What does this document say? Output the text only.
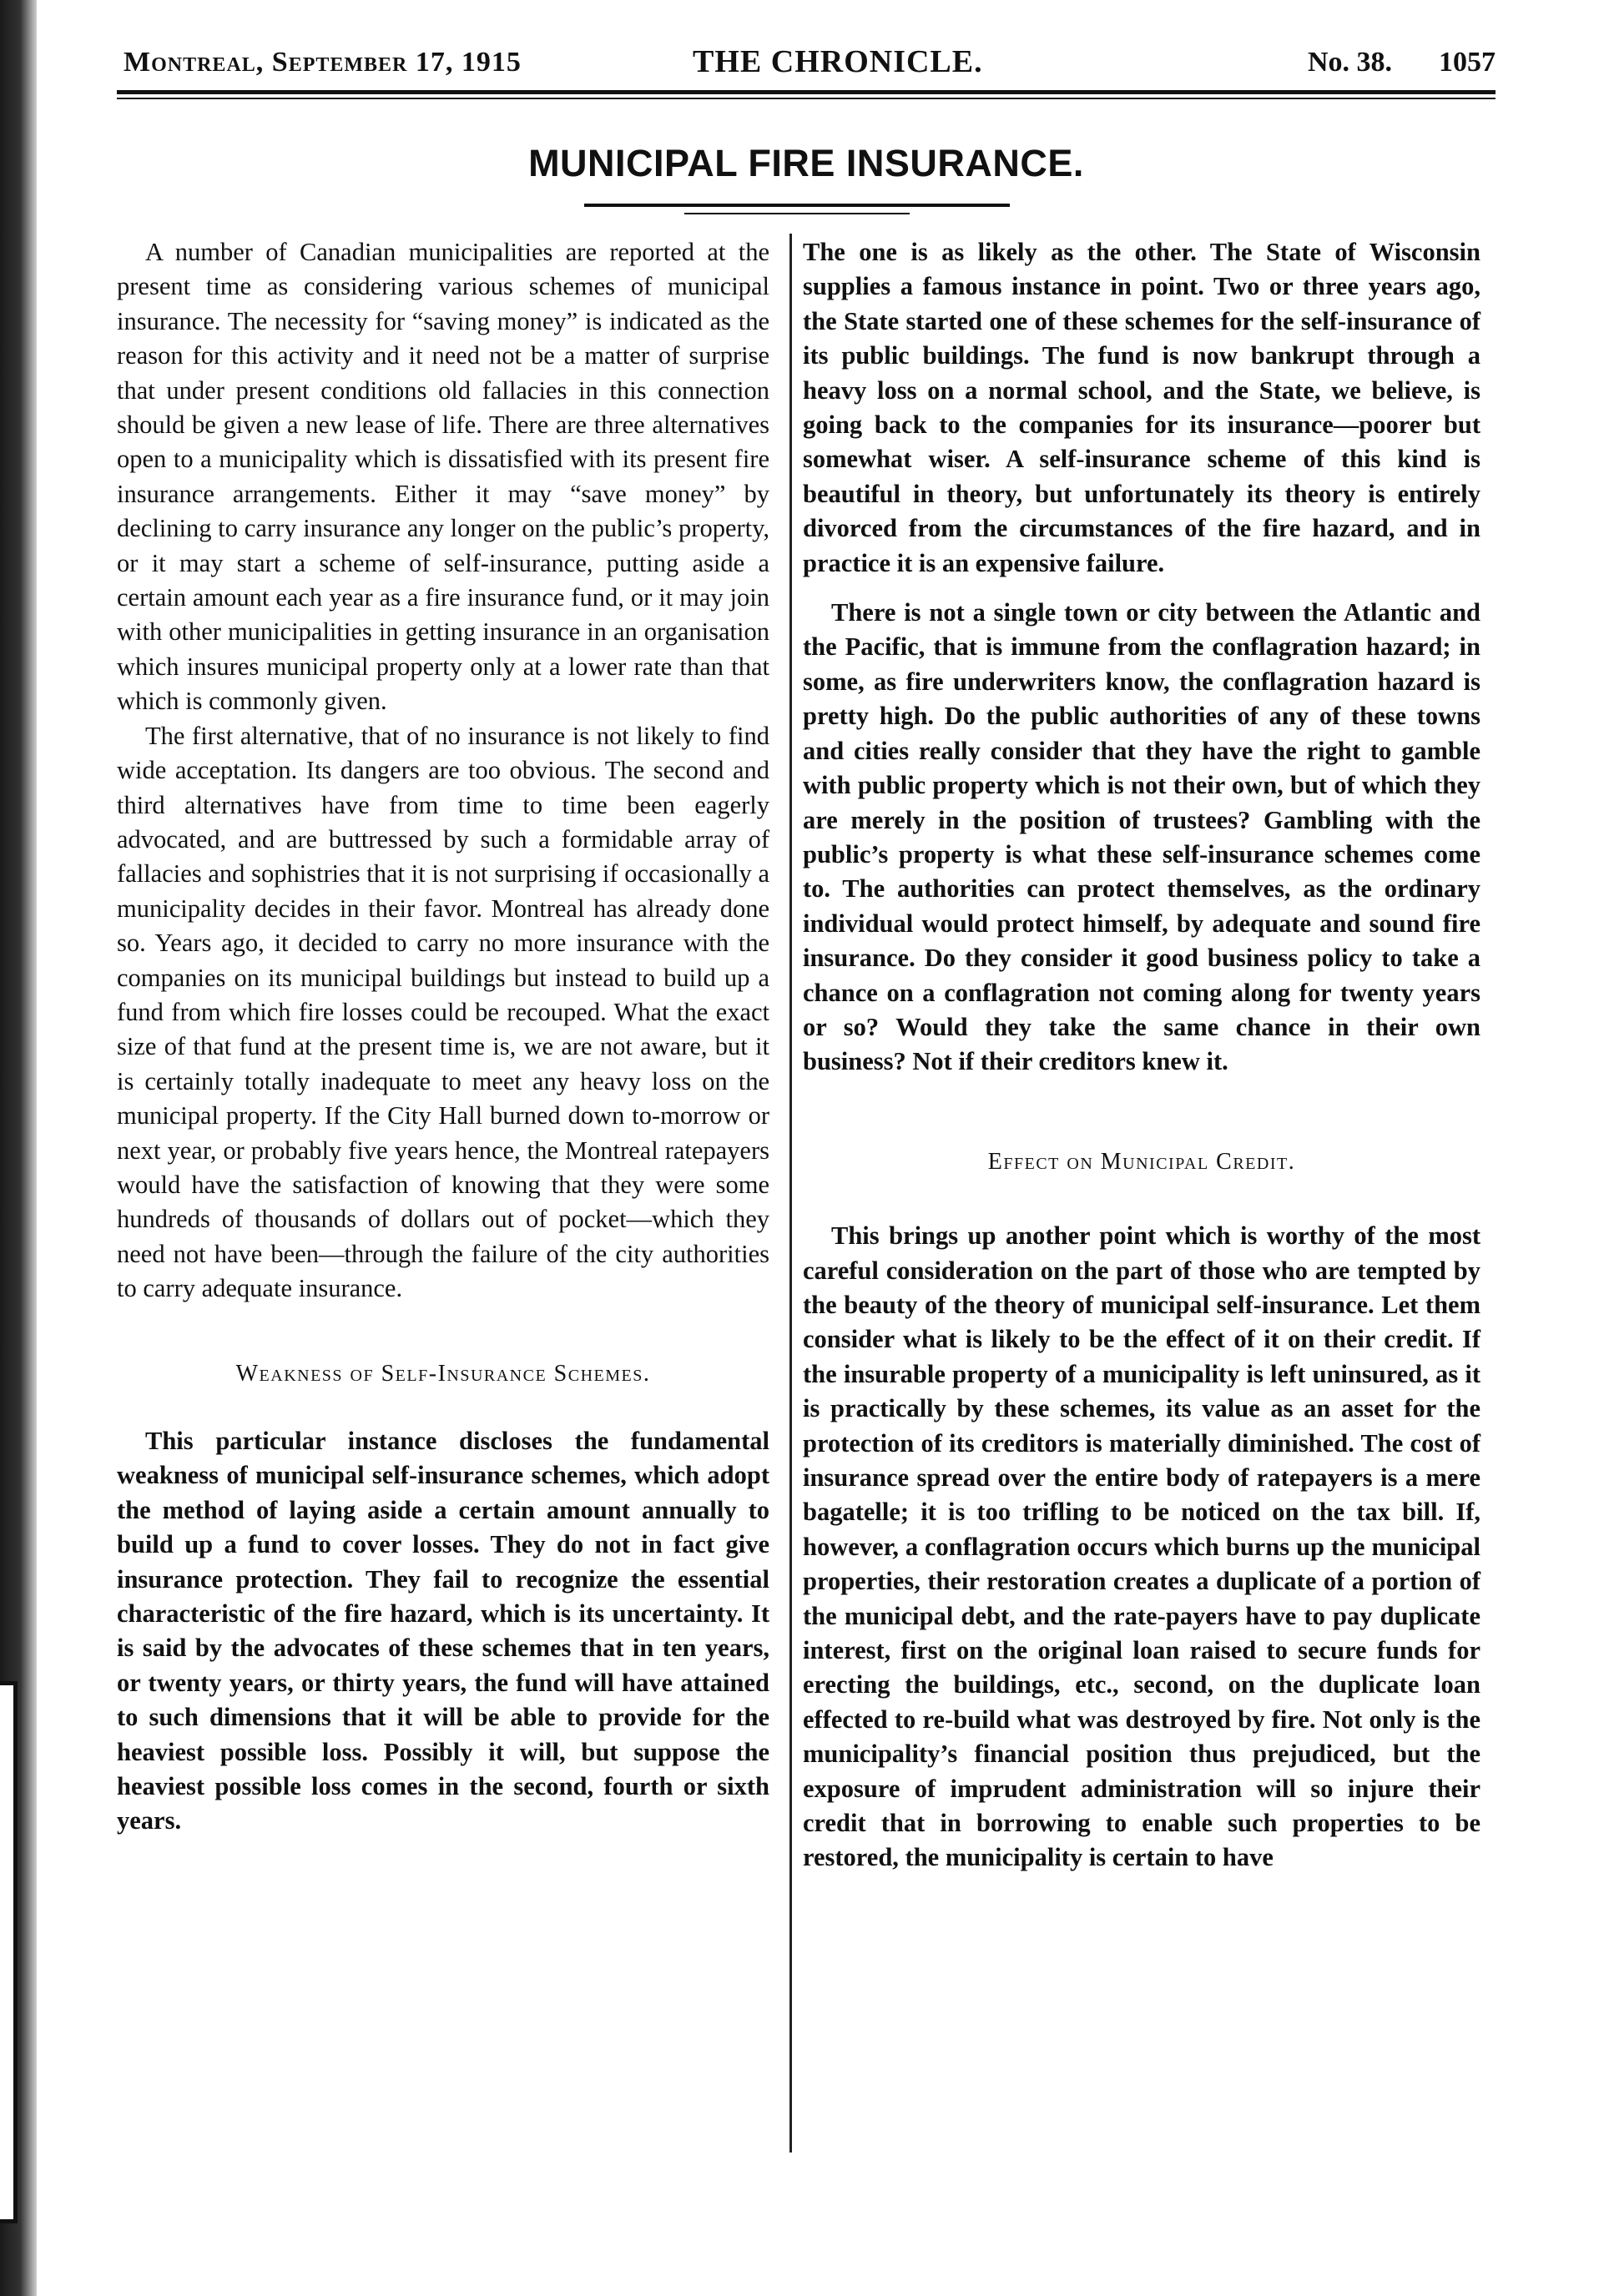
Montreal, September 17, 1915	THE CHRONICLE.	No. 38. 1057
MUNICIPAL FIRE INSURANCE.

A number of Canadian municipalities are reported at the present time as considering various schemes of municipal insurance. The necessity for “saving money” is indicated as the reason for this activity and it need not be a matter of surprise that under present conditions old fallacies in this connection should be given a new lease of life. There are three alternatives open to a municipality which is dissatisfied with its present fire insurance arrangements. Either it may “save money” by declining to carry insurance any longer on the public’s property, or it may start a scheme of self-insurance, putting aside a certain amount each year as a fire insurance fund, or it may join with other municipalities in getting insurance in an organisation which insures municipal property only at a lower rate than that which is commonly given.

The first alternative, that of no insurance is not likely to find wide acceptation. Its dangers are too obvious. The second and third alternatives have from time to time been eagerly advocated, and are buttressed by such a formidable array of fallacies and sophistries that it is not surprising if occasionally a municipality decides in their favor. Montreal has already done so. Years ago, it decided to carry no more insurance with the companies on its municipal buildings but instead to build up a fund from which fire losses could be recouped. What the exact size of that fund at the present time is, we are not aware, but it is certainly totally inadequate to meet any heavy loss on the municipal property. If the City Hall burned down to-morrow or next year, or probably five years hence, the Montreal ratepayers would have the satisfaction of knowing that they were some hundreds of thousands of dollars out of pocket—which they need not have been—through the failure of the city authorities to carry adequate insurance.

Weakness of Self-Insurance Schemes.

This particular instance discloses the fundamental weakness of municipal self-insurance schemes, which adopt the method of laying aside a certain amount annually to build up a fund to cover losses. They do not in fact give insurance protection. They fail to recognize the essential characteristic of the fire hazard, which is its uncertainty. It is said by the advocates of these schemes that in ten years, or twenty years, or thirty years, the fund will have attained to such dimensions that it will be able to provide for the heaviest possible loss. Possibly it will, but suppose the heaviest possible loss comes in the second, fourth or sixth years.

The one is as likely as the other. The State of Wisconsin supplies a famous instance in point. Two or three years ago, the State started one of these schemes for the self-insurance of its public buildings. The fund is now bankrupt through a heavy loss on a normal school, and the State, we believe, is going back to the companies for its insurance—poorer but somewhat wiser. A self-insurance scheme of this kind is beautiful in theory, but unfortunately its theory is entirely divorced from the circumstances of the fire hazard, and in practice it is an expensive failure.

There is not a single town or city between the Atlantic and the Pacific, that is immune from the conflagration hazard; in some, as fire underwriters know, the conflagration hazard is pretty high. Do the public authorities of any of these towns and cities really consider that they have the right to gamble with public property which is not their own, but of which they are merely in the position of trustees? Gambling with the public’s property is what these self-insurance schemes come to. The authorities can protect themselves, as the ordinary individual would protect himself, by adequate and sound fire insurance. Do they consider it good business policy to take a chance on a conflagration not coming along for twenty years or so? Would they take the same chance in their own business? Not if their creditors knew it.

Effect on Municipal Credit.

This brings up another point which is worthy of the most careful consideration on the part of those who are tempted by the beauty of the theory of municipal self-insurance. Let them consider what is likely to be the effect of it on their credit. If the insurable property of a municipality is left uninsured, as it is practically by these schemes, its value as an asset for the protection of its creditors is materially diminished. The cost of insurance spread over the entire body of ratepayers is a mere bagatelle; it is too trifling to be noticed on the tax bill. If, however, a conflagration occurs which burns up the municipal properties, their restoration creates a duplicate of a portion of the municipal debt, and the rate-payers have to pay duplicate interest, first on the original loan raised to secure funds for erecting the buildings, etc., second, on the duplicate loan effected to re-build what was destroyed by fire. Not only is the municipality’s financial position thus prejudiced, but the exposure of imprudent administration will so injure their credit that in borrowing to enable such properties to be restored, the municipality is certain to have
